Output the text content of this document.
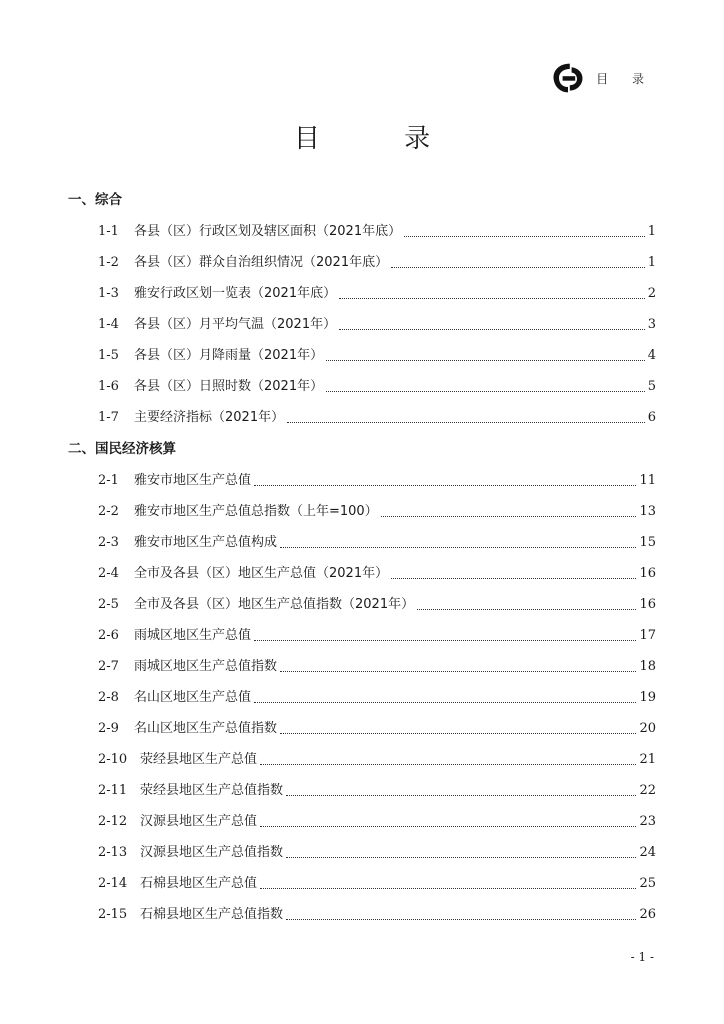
目 录
目 录
一、综合
1-1	各县（区）行政区划及辖区面积（2021年底）	1
1-2	各县（区）群众自治组织情况（2021年底）	1
1-3	雅安行政区划一览表（2021年底）	2
1-4	各县（区）月平均气温（2021年）	3
1-5	各县（区）月降雨量（2021年）	4
1-6	各县（区）日照时数（2021年）	5
1-7	主要经济指标（2021年）	6
二、国民经济核算
2-1	雅安市地区生产总值	11
2-2	雅安市地区生产总值总指数（上年=100）	13
2-3	雅安市地区生产总值构成	15
2-4	全市及各县（区）地区生产总值（2021年）	16
2-5	全市及各县（区）地区生产总值指数（2021年）	16
2-6	雨城区地区生产总值	17
2-7	雨城区地区生产总值指数	18
2-8	名山区地区生产总值	19
2-9	名山区地区生产总值指数	20
2-10 荥经县地区生产总值	21
2-11 荥经县地区生产总值指数	22
2-12 汉源县地区生产总值	23
2-13 汉源县地区生产总值指数	24
2-14 石棉县地区生产总值	25
2-15 石棉县地区生产总值指数	26
- 1 -
